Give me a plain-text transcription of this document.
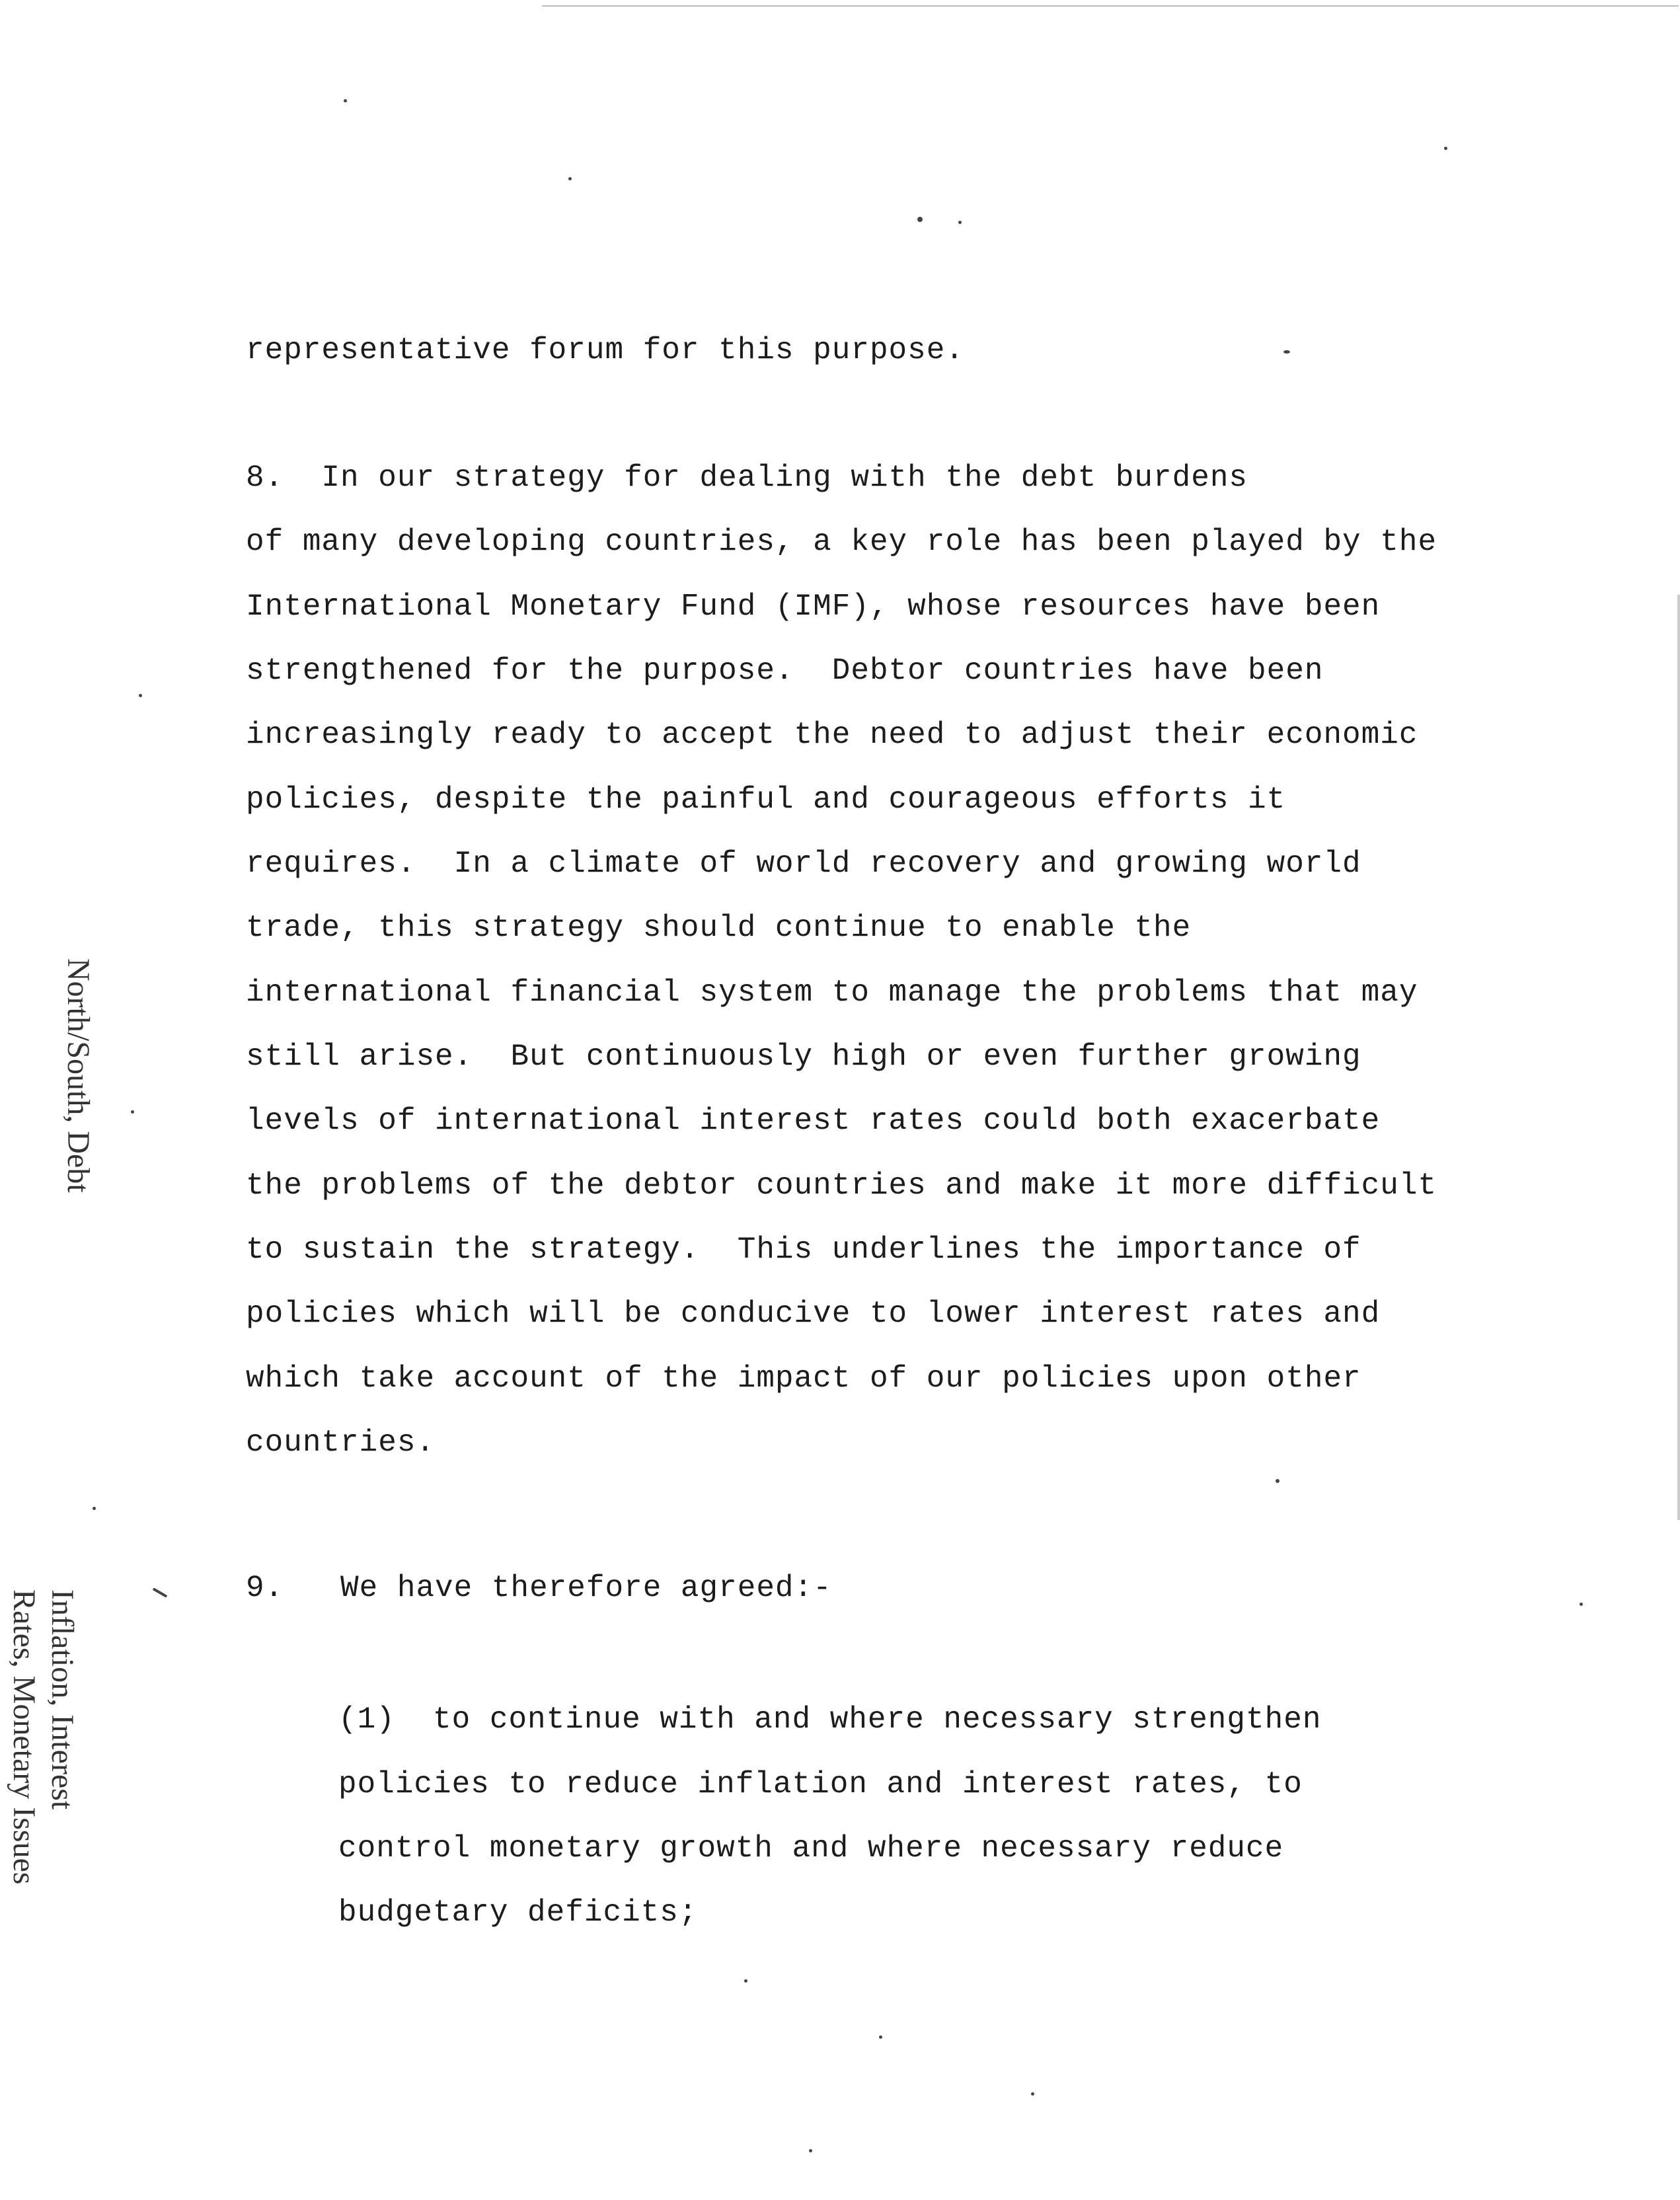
representative forum for this purpose.
8.  In our strategy for dealing with the debt burdens
of many developing countries, a key role has been played by the
International Monetary Fund (IMF), whose resources have been
strengthened for the purpose.  Debtor countries have been
increasingly ready to accept the need to adjust their economic
policies, despite the painful and courageous efforts it
requires.  In a climate of world recovery and growing world
trade, this strategy should continue to enable the
international financial system to manage the problems that may
still arise.  But continuously high or even further growing
levels of international interest rates could both exacerbate
the problems of the debtor countries and make it more difficult
to sustain the strategy.  This underlines the importance of
policies which will be conducive to lower interest rates and
which take account of the impact of our policies upon other
countries.
9.   We have therefore agreed:-
(1)  to continue with and where necessary strengthen
policies to reduce inflation and interest rates, to
control monetary growth and where necessary reduce
budgetary deficits;
North/South, Debt
Inflation, Interest
Rates, Monetary Issues
